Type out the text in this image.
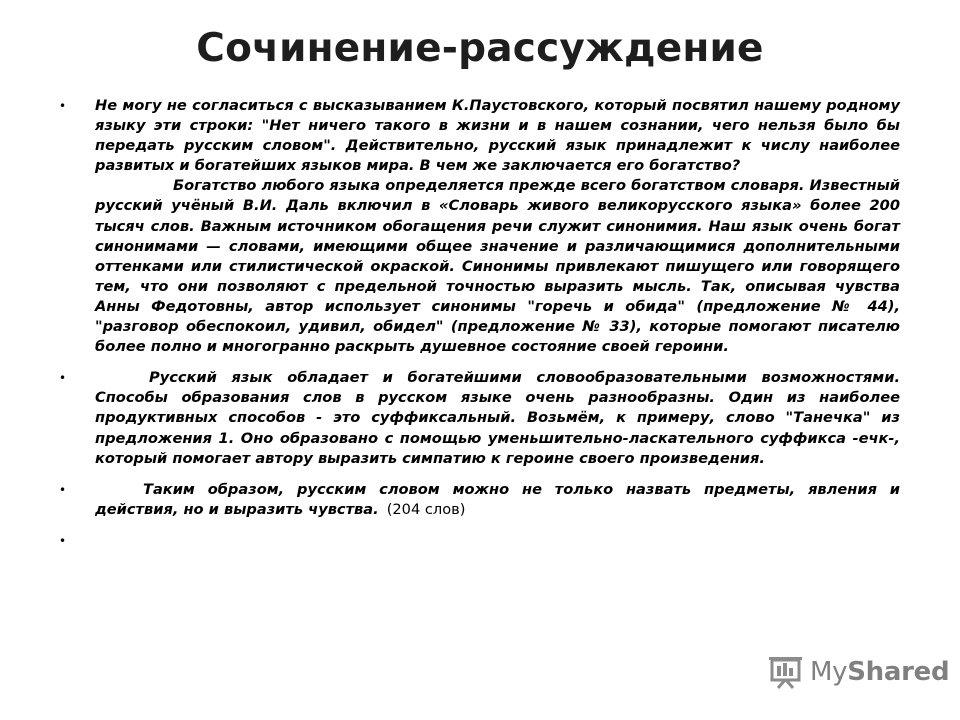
Сочинение-рассуждение
• Не могу не согласиться с высказыванием К.Паустовского, который посвятил нашему родному языку эти строки: "Нет ничего такого в жизни и в нашем сознании, чего нельзя было бы передать русским словом". Действительно, русский язык принадлежит к числу наиболее развитых и богатейших языков мира. В чем же заключается его богатство?
Богатство любого языка определяется прежде всего богатством словаря. Известный русский учёный В.И. Даль включил в «Словарь живого великорусского языка» более 200 тысяч слов. Важным источником обогащения речи служит синонимия. Наш язык очень богат синонимами — словами, имеющими общее значение и различающимися дополнительными оттенками или стилистической окраской. Синонимы привлекают пишущего или говорящего тем, что они позволяют с предельной точностью выразить мысль. Так, описывая чувства Анны Федотовны, автор использует синонимы "горечь и обида" (предложение № 44), "разговор обеспокоил, удивил, обидел" (предложение № 33), которые помогают писателю более полно и многогранно раскрыть душевное состояние своей героини.
•	Русский язык обладает и богатейшими словообразовательными возможностями. Способы образования слов в русском языке очень разнообразны. Один из наиболее продуктивных способов - это суффиксальный. Возьмём, к примеру, слово "Танечка" из предложения 1. Оно образовано с помощью уменьшительно-ласкательного суффикса -ечк-, который помогает автору выразить симпатию к героине своего произведения.
•	Таким образом, русским словом можно не только назвать предметы, явления и действия, но и выразить чувства. (204 слов)
•

MyShared
